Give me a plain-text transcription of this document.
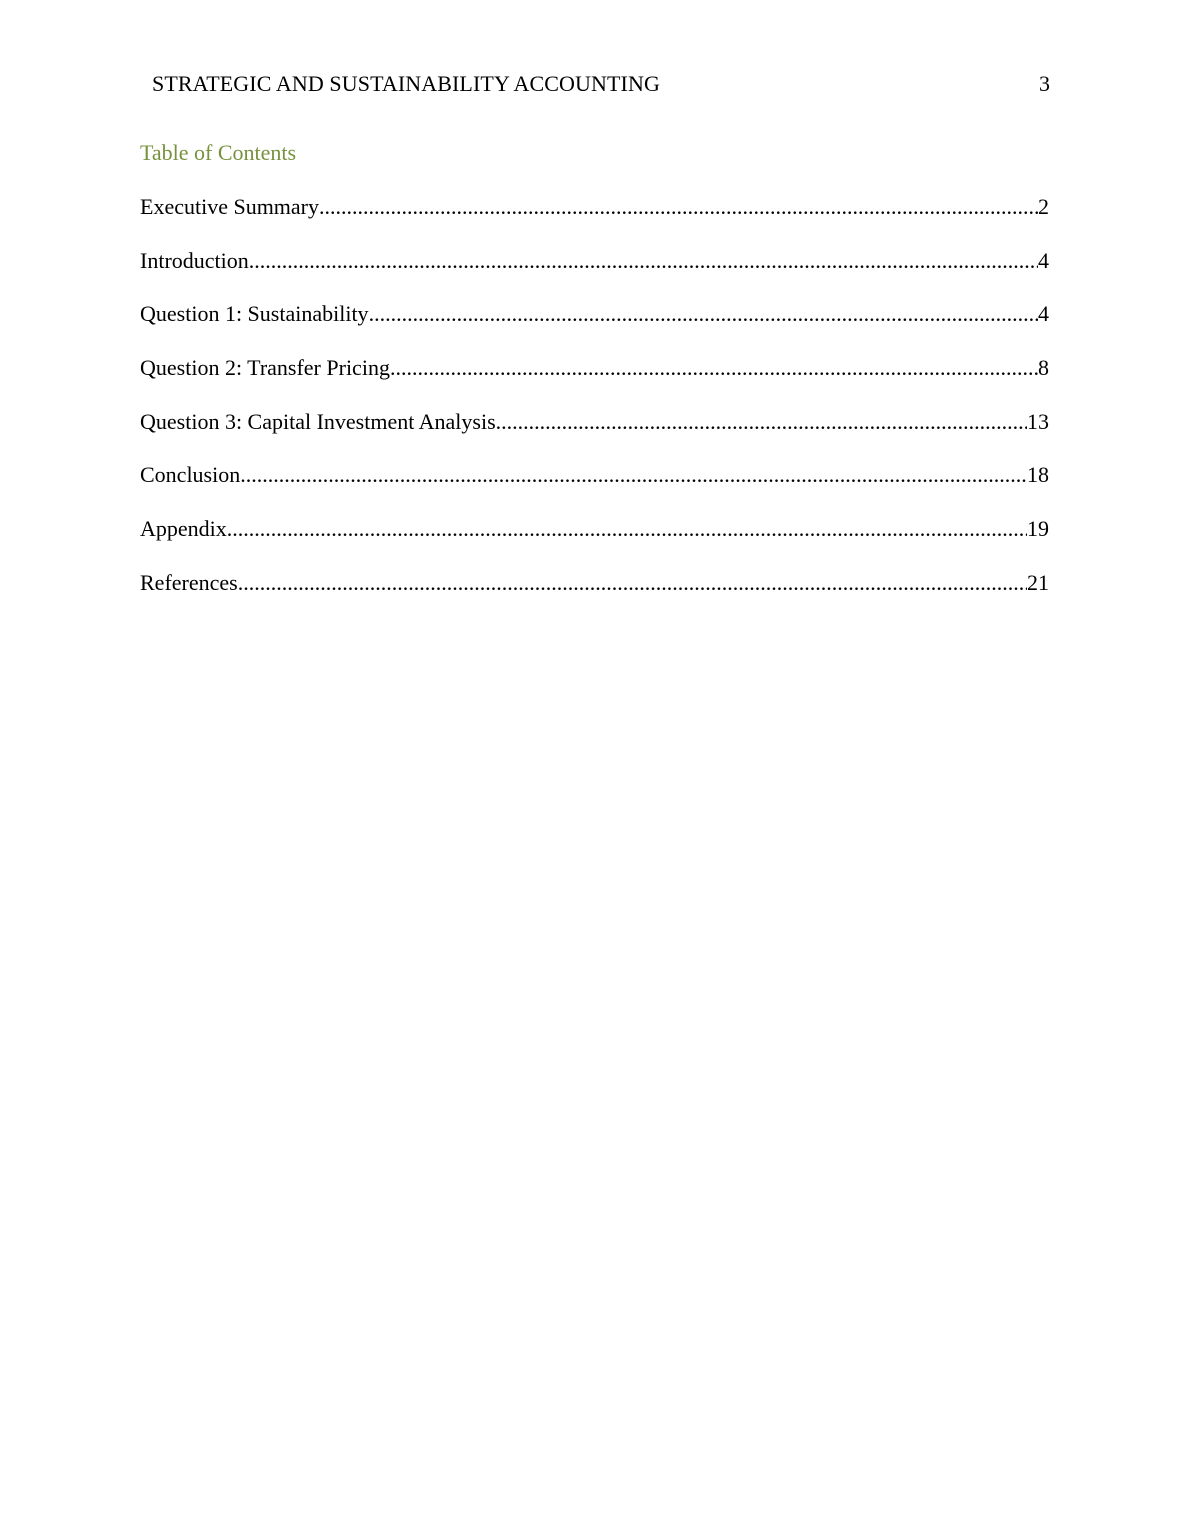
STRATEGIC AND SUSTAINABILITY ACCOUNTING	3
Table of Contents
Executive Summary .....	2
Introduction .....	4
Question 1: Sustainability .....	4
Question 2: Transfer Pricing .....	8
Question 3: Capital Investment Analysis .....	13
Conclusion .....	18
Appendix .....	19
References .....	21
